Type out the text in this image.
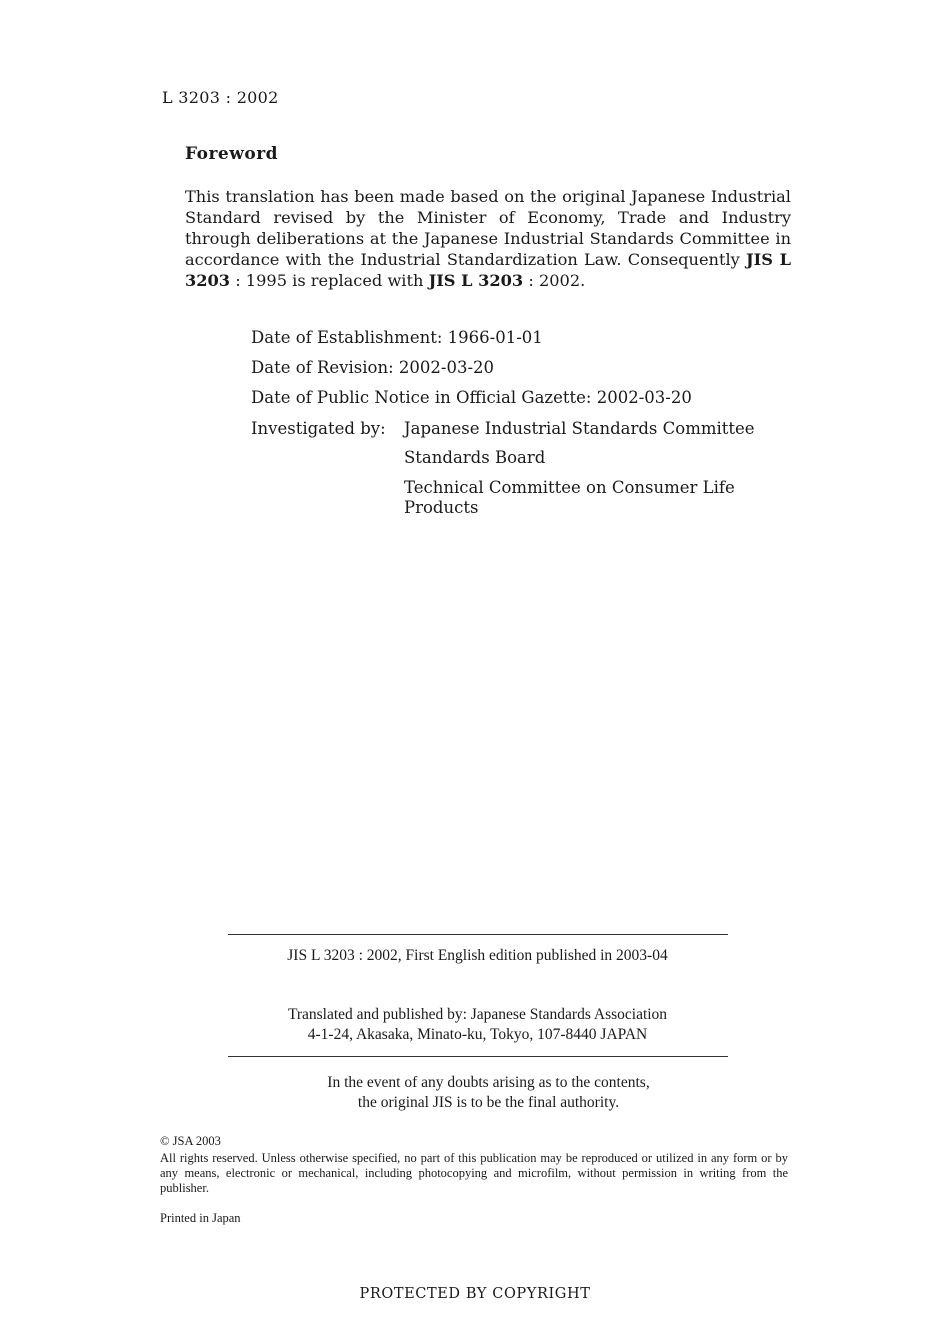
L 3203 : 2002
Foreword
This translation has been made based on the original Japanese Industrial Standard revised by the Minister of Economy, Trade and Industry through deliberations at the Japanese Industrial Standards Committee in accordance with the Industrial Standardization Law. Consequently JIS L 3203 : 1995 is replaced with JIS L 3203 : 2002.
Date of Establishment: 1966-01-01
Date of Revision: 2002-03-20
Date of Public Notice in Official Gazette: 2002-03-20
Investigated by: Japanese Industrial Standards Committee
Standards Board
Technical Committee on Consumer Life
Products
JIS L 3203 : 2002, First English edition published in 2003-04
Translated and published by: Japanese Standards Association
4-1-24, Akasaka, Minato-ku, Tokyo, 107-8440 JAPAN
In the event of any doubts arising as to the contents,
the original JIS is to be the final authority.
© JSA 2003
All rights reserved. Unless otherwise specified, no part of this publication may be reproduced or utilized in any form or by any means, electronic or mechanical, including photocopying and microfilm, without permission in writing from the publisher.
Printed in Japan
PROTECTED BY COPYRIGHT
